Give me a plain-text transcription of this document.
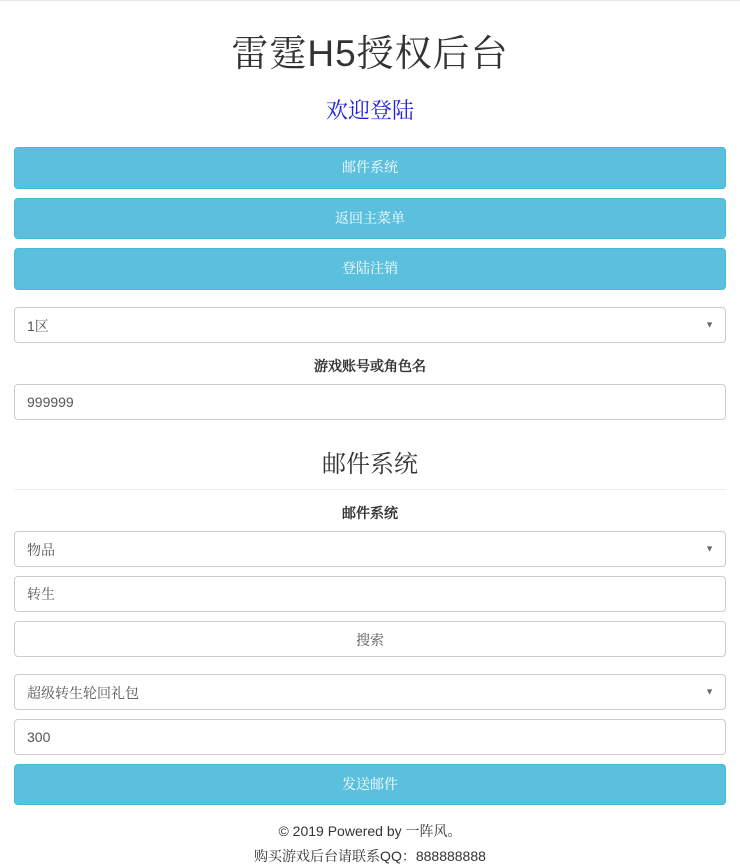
雷霆H5授权后台
欢迎登陆
邮件系统
返回主菜单
登陆注销
1区	▼
游戏账号或角色名
999999
邮件系统
邮件系统
物品	▼
转生
搜索
超级转生轮回礼包	▼
300
发送邮件
© 2019 Powered by 一阵风。
购买游戏后台请联系QQ：888888888
